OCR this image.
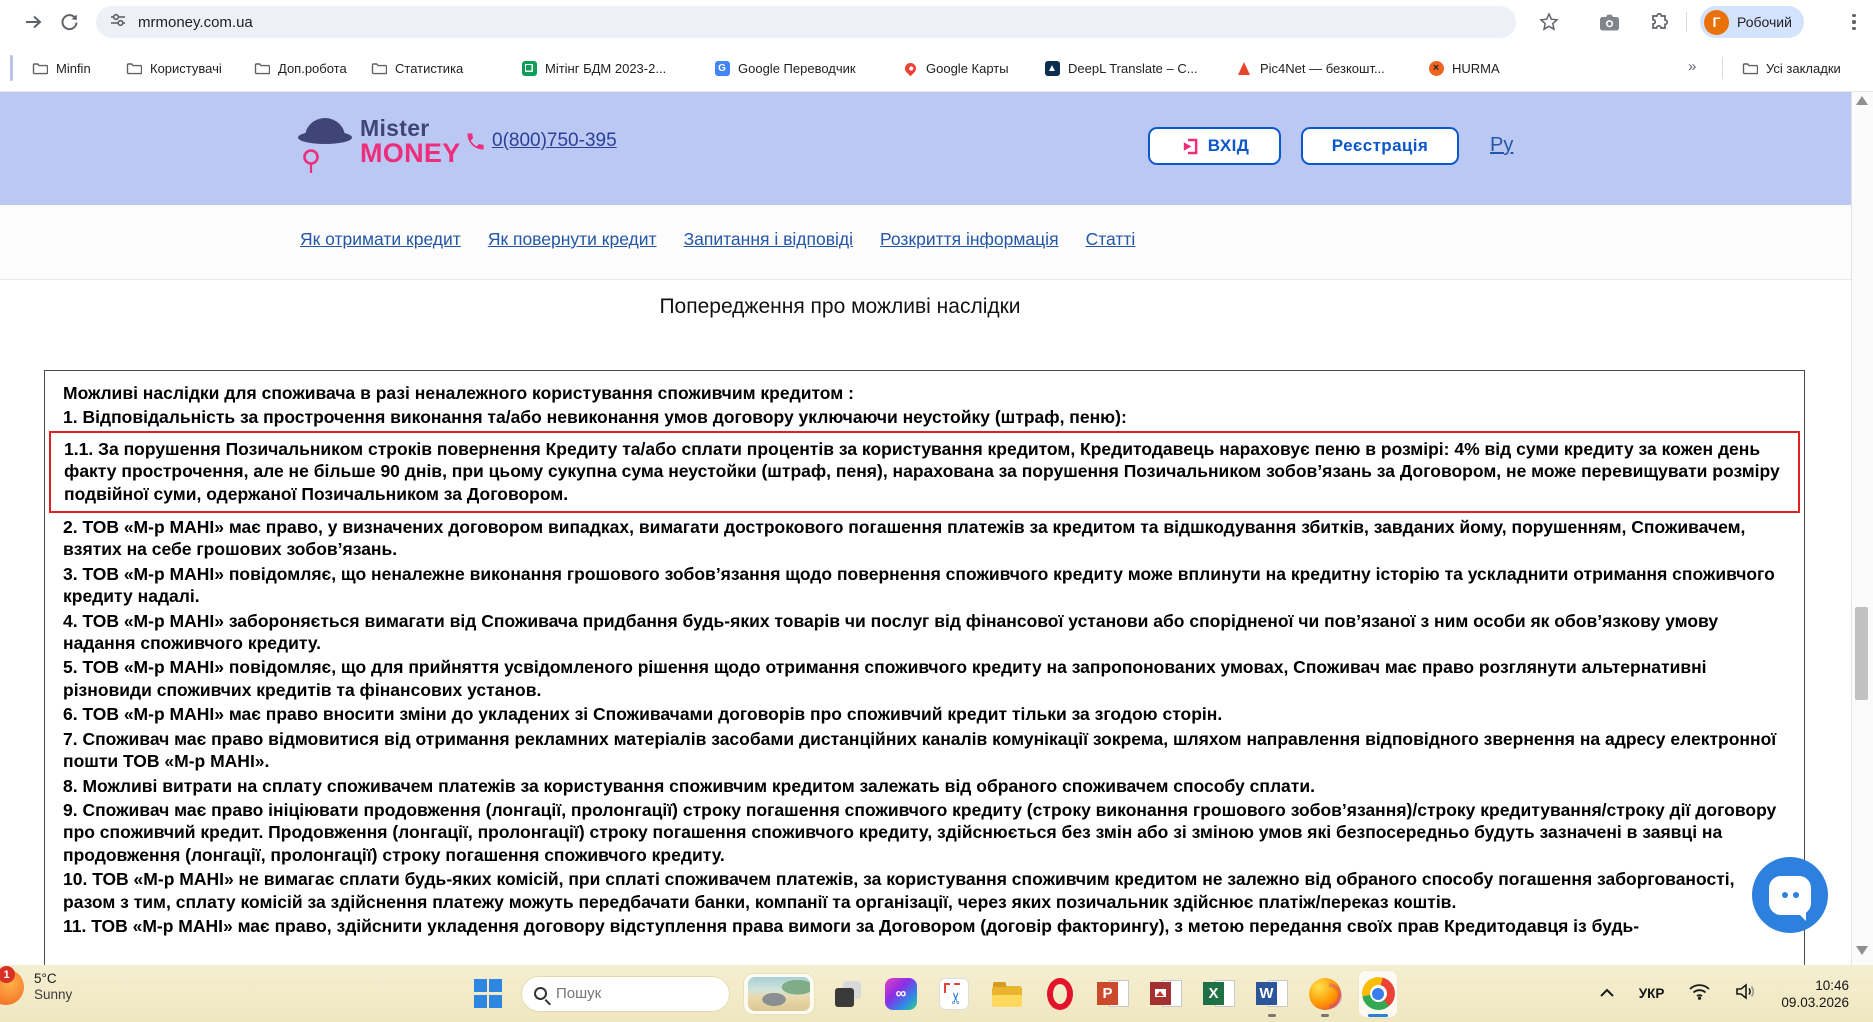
mrmoney.com.ua	Г	Робочий
Minfin	Користувачі	Доп.робота	Статистика	Мітінг БДМ 2023-2...	G Google Переводчик	Google Карты	▲ DeepL Translate – C...	Pic4Net — безкошт...	× HURMA	»	Усі закладки
Mister
MONEY 0(800)750-395	ВХІД	Реєстрація	Ру
Як отримати кредит Як повернути кредит Запитання і відповіді Розкриття інформація Статті
Попередження про можливі наслідки

Можливі наслідки для споживача в разі неналежного користування споживчим кредитом :

1. Відповідальність за прострочення виконання та/або невиконання умов договору уключаючи неустойку (штраф, пеню):

1.1. За порушення Позичальником строків повернення Кредиту та/або сплати процентів за користування кредитом, Кредитодавець нараховує пеню в розмірі: 4% від суми кредиту за кожен день факту прострочення, але не більше 90 днів, при цьому сукупна сума неустойки (штраф, пеня), нарахована за порушення Позичальником зобов’язань за Договором, не може перевищувати розміру подвійної суми, одержаної Позичальником за Договором.

2. ТОВ «М-р МАНІ» має право, у визначених договором випадках, вимагати дострокового погашення платежів за кредитом та відшкодування збитків, завданих йому, порушенням, Споживачем, взятих на себе грошових зобов’язань.

3. ТОВ «М-р МАНІ» повідомляє, що неналежне виконання грошового зобов’язання щодо повернення споживчого кредиту може вплинути на кредитну історію та ускладнити отримання споживчого кредиту надалі.

4. ТОВ «М-р МАНІ» забороняється вимагати від Споживача придбання будь-яких товарів чи послуг від фінансової установи або спорідненої чи пов’язаної з ним особи як обов’язкову умову надання споживчого кредиту.

5. ТОВ «М-р МАНІ» повідомляє, що для прийняття усвідомленого рішення щодо отримання споживчого кредиту на запропонованих умовах, Споживач має право розглянути альтернативні різновиди споживчих кредитів та фінансових установ.

6. ТОВ «М-р МАНІ» має право вносити зміни до укладених зі Споживачами договорів про споживчий кредит тільки за згодою сторін.

7. Споживач має право відмовитися від отримання рекламних матеріалів засобами дистанційних каналів комунікації зокрема, шляхом направлення відповідного звернення на адресу електронної пошти ТОВ «М-р МАНІ».

8. Можливі витрати на сплату споживачем платежів за користування споживчим кредитом залежать від обраного споживачем способу сплати.

9. Споживач має право ініціювати продовження (лонгації, пролонгації) строку погашення споживчого кредиту (строку виконання грошового зобов’язання)/строку кредитування/строку дії договору про споживчий кредит. Продовження (лонгації, пролонгації) строку погашення споживчого кредиту, здійснюється без змін або зі зміною умов які безпосередньо будуть зазначені в заявці на продовження (лонгації, пролонгації) строку погашення споживчого кредиту.

10. ТОВ «М-р МАНІ» не вимагає сплати будь-яких комісій, при сплаті споживачем платежів, за користування споживчим кредитом не залежно від обраного способу погашення заборгованості, разом з тим, сплату комісій за здійснення платежу можуть передбачати банки, компанії та організації, через яких позичальник здійснює платіж/переказ коштів.

11. ТОВ «М-р МАНІ» має право, здійснити укладення договору відступлення права вимоги за Договором (договір факторингу), з метою передання своїх прав Кредитодавця із будь-

1	5°C
Sunny
Пошук	∞	✂	P	X	W	УКР
10:46
09.03.2026
